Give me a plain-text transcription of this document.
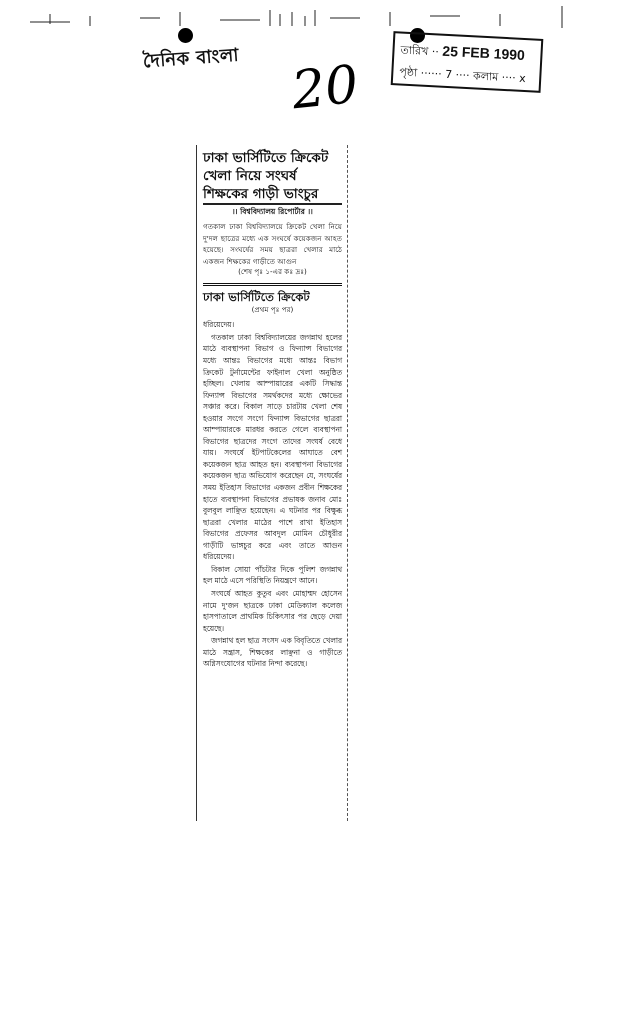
দৈনিক বাংলা 20
তারিখ ·· 25 FEB 1990
পৃষ্ঠা ······ 7 ···· কলাম ···· x
ঢাকা ভার্সিটিতে ক্রিকেট
খেলা নিয়ে সংঘর্ষ
শিক্ষকের গাড়ী ভাংচুর
।। বিশ্ববিদ্যালয় রিপোর্টার ।।
গতকাল ঢাকা বিশ্ববিদ্যালয়ে ক্রিকেট খেলা নিয়ে দু'দল ছাত্রের মধ্যে এক সংঘর্ষে কয়েকজন আহত হয়েছে। সংঘর্ষের সময় ছাত্ররা খেলার মাঠে একজন শিক্ষকের গাড়ীতে আগুন
(শেষ পৃঃ ১-এর কঃ দ্রঃ)
ঢাকা ভার্সিটিতে ক্রিকেট
(প্রথম পৃঃ পর)

ধরিয়েদেয়।

গতকাল ঢাকা বিশ্ববিদ্যালয়ের জগন্নাথ হলের মাঠে ব্যবস্থাপনা বিভাগ ও ফিন্যান্স বিভাগের মধ্যে আন্তঃ বিভাগের মধ্যে আন্তঃ বিভাগ ক্রিকেট টুর্নামেন্টের ফাইনাল খেলা অনুষ্ঠিত হচ্ছিল। খেলায় আম্পায়ারের একটি সিদ্ধান্ত ফিন্যান্স বিভাগের সমর্থকদের মধ্যে ক্ষোভের সঞ্চার করে। বিকাল সাড়ে চারটায় খেলা শেষ হওয়ার সংগে সংগে ফিন্যান্স বিভাগের ছাত্ররা আম্পায়ারকে মারধর করতে গেলে ব্যবস্থাপনা বিভাগের ছাত্রদের সংগে তাদের সংঘর্ষ বেধে যায়। সংঘর্ষে ইটপাটকেলের আঘাতে বেশ কয়েকজন ছাত্র আহত হন। ব্যবস্থাপনা বিভাগের কয়েকজন ছাত্র অভিযোগ করেছেন যে, সংঘর্ষের সময় ইতিহাস বিভাগের একজন প্রবীন শিক্ষকের হাতে ব্যবস্থাপনা বিভাগের প্রভাষক জনাব মোঃ বুলবুল লাঞ্ছিত হয়েছেন। এ ঘটনার পর বিক্ষুব্ধ ছাত্ররা খেলার মাঠের পাশে রাখা ইতিহাস বিভাগের প্রফেসর আবদুল মোমিন চৌধুরীর গাড়ীটি ভাঙ্গচুর করে এবং তাতে আগুন ধরিয়েদেয়।

বিকাল সোয়া পাঁচটার দিকে পুলিশ জগন্নাথ হল মাঠে এসে পরিস্থিতি নিয়ন্ত্রণে আনে।

সংঘর্ষে আহত কুতুব এবং মোহাম্মদ হোসেন নামে দু'জন ছাত্রকে ঢাকা মেডিক্যাল কলেজ হাসপাতালে প্রাথমিক চিকিৎসার পর ছেড়ে দেয়া হয়েছে।

জগন্নাথ হল ছাত্র সংসদ এক বিবৃতিতে খেলার মাঠে সন্ত্রাস, শিক্ষকের লাঞ্ছনা ও গাড়ীতে অগ্নিসংযোগের ঘটনার নিন্দা করেছে।
